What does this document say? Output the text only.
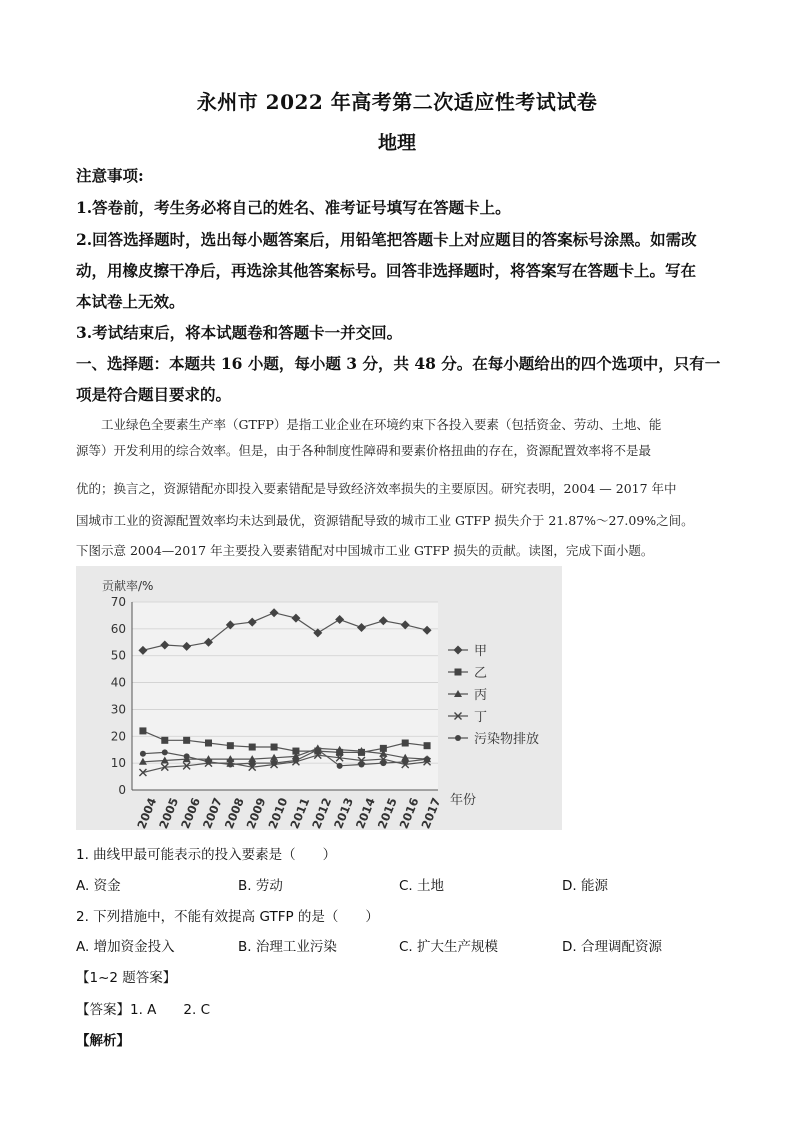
永州市 2022 年高考第二次适应性考试试卷
地理
注意事项:
1.答卷前，考生务必将自己的姓名、准考证号填写在答题卡上。
2.回答选择题时，选出每小题答案后，用铅笔把答题卡上对应题目的答案标号涂黑。如需改
动，用橡皮擦干净后，再选涂其他答案标号。回答非选择题时，将答案写在答题卡上。写在
本试卷上无效。
3.考试结束后，将本试题卷和答题卡一并交回。
一、选择题：本题共 16 小题，每小题 3 分，共 48 分。在每小题给出的四个选项中，只有一
项是符合题目要求的。
　　工业绿色全要素生产率（GTFP）是指工业企业在环境约束下各投入要素（包括资金、劳动、土地、能
源等）开发利用的综合效率。但是，由于各种制度性障碍和要素价格扭曲的存在，资源配置效率将不是最
优的；换言之，资源错配亦即投入要素错配是导致经济效率损失的主要原因。研究表明，2004 — 2017 年中
国城市工业的资源配置效率均未达到最优，资源错配导致的城市工业 GTFP 损失介于 21.87%～27.09%之间。
下图示意 2004—2017 年主要投入要素错配对中国城市工业 GTFP 损失的贡献。读图，完成下面小题。
贡献率/%
年份
0
10
20
30
40
50
60
70
2004
2005
2006
2007
2008
2009
2010
2011
2012
2013
2014
2015
2016
2017
甲
乙
丙
丁
污染物排放
1. 曲线甲最可能表示的投入要素是（　　）
A. 资金	B. 劳动	C. 土地	D. 能源
2. 下列措施中，不能有效提高 GTFP 的是（　　）
A. 增加资金投入	B. 治理工业污染	C. 扩大生产规模	D. 合理调配资源
【1~2 题答案】
【答案】1. A　　2. C
【解析】
